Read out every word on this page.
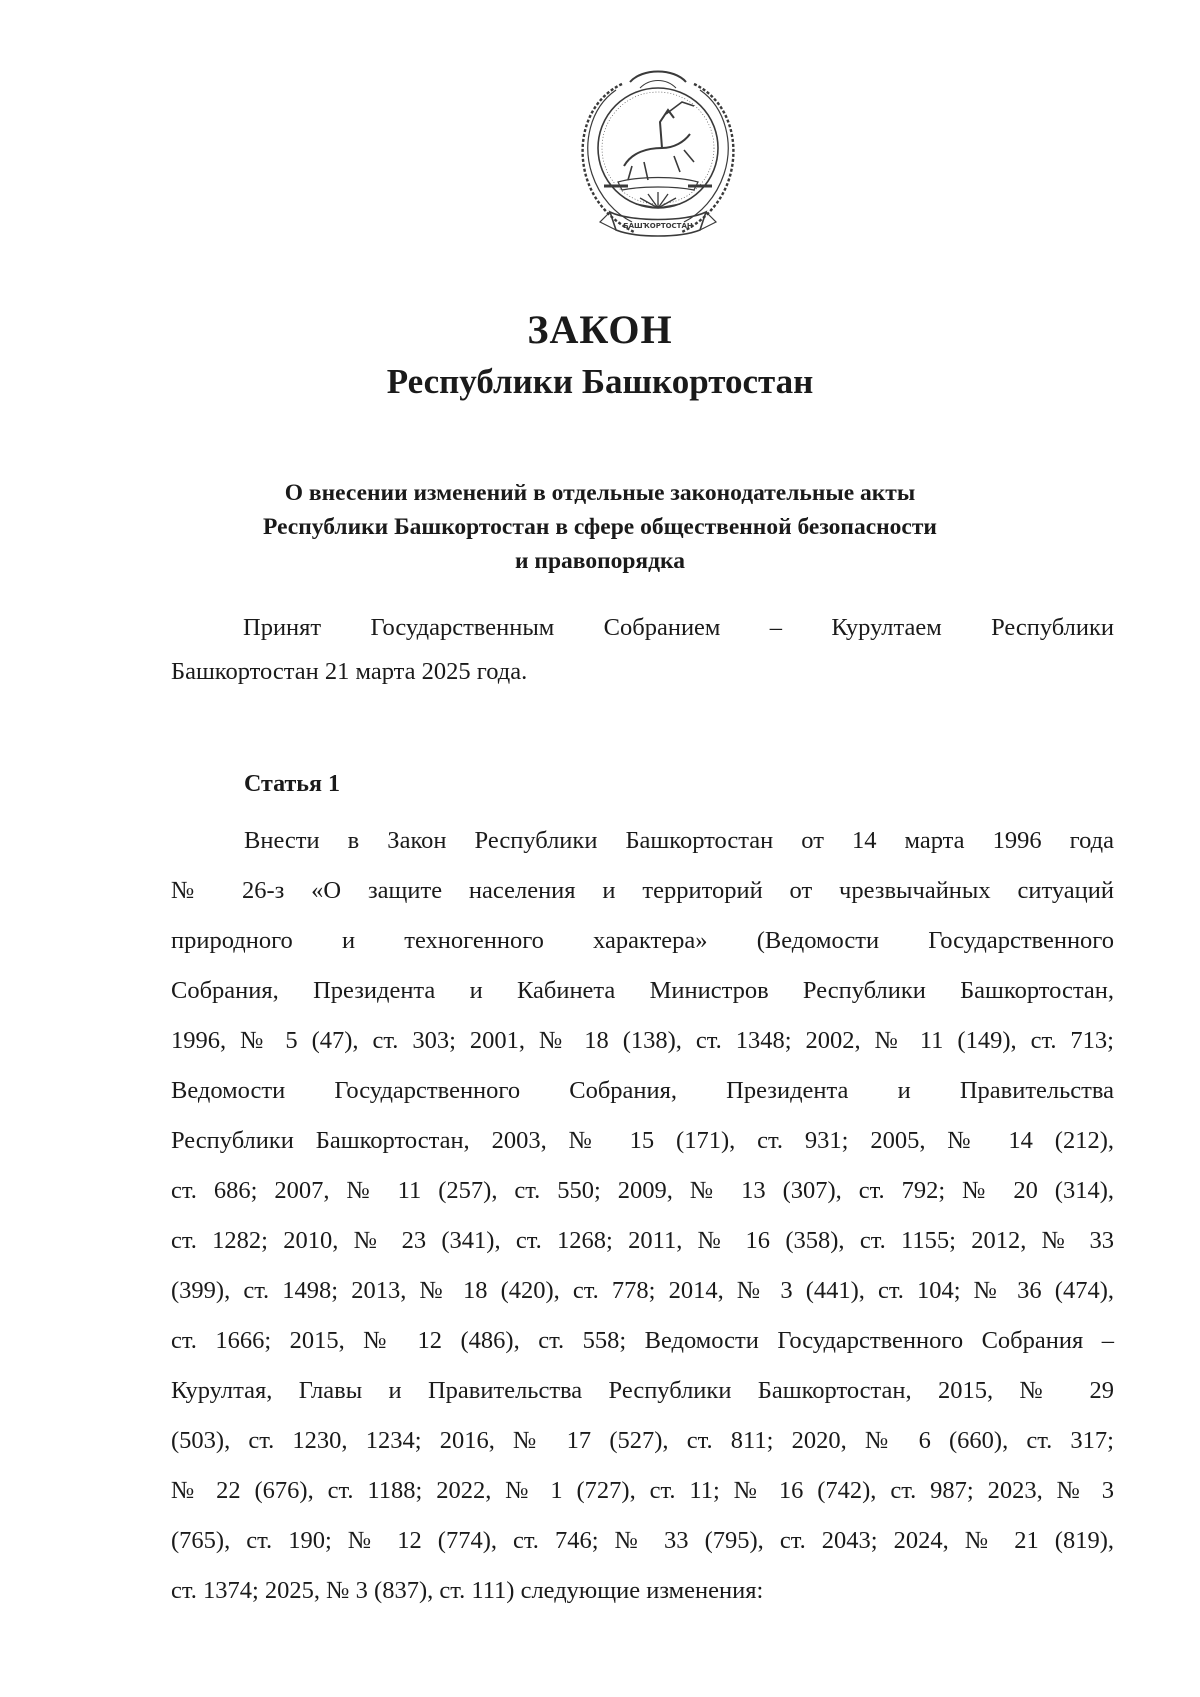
БАШҠОРТОСТАН
ЗАКОН
Республики Башкортостан
О внесении изменений в отдельные законодательные акты
Республики Башкортостан в сфере общественной безопасности
и правопорядка
Принят Государственным Собранием – Курултаем Республики
Башкортостан 21 марта 2025 года.
Статья 1
Внести в Закон Республики Башкортостан от 14 марта 1996 года
№ 26-з «О защите населения и территорий от чрезвычайных ситуаций
природного и техногенного характера» (Ведомости Государственного
Собрания, Президента и Кабинета Министров Республики Башкортостан,
1996, № 5 (47), ст. 303; 2001, № 18 (138), ст. 1348; 2002, № 11 (149), ст. 713;
Ведомости Государственного Собрания, Президента и Правительства
Республики Башкортостан, 2003, № 15 (171), ст. 931; 2005, № 14 (212),
ст. 686; 2007, № 11 (257), ст. 550; 2009, № 13 (307), ст. 792; № 20 (314),
ст. 1282; 2010, № 23 (341), ст. 1268; 2011, № 16 (358), ст. 1155; 2012, № 33
(399), ст. 1498; 2013, № 18 (420), ст. 778; 2014, № 3 (441), ст. 104; № 36 (474),
ст. 1666; 2015, № 12 (486), ст. 558; Ведомости Государственного Собрания –
Курултая, Главы и Правительства Республики Башкортостан, 2015, № 29
(503), ст. 1230, 1234; 2016, № 17 (527), ст. 811; 2020, № 6 (660), ст. 317;
№ 22 (676), ст. 1188; 2022, № 1 (727), ст. 11; № 16 (742), ст. 987; 2023, № 3
(765), ст. 190; № 12 (774), ст. 746; № 33 (795), ст. 2043; 2024, № 21 (819),
ст. 1374; 2025, № 3 (837), ст. 111) следующие изменения:
